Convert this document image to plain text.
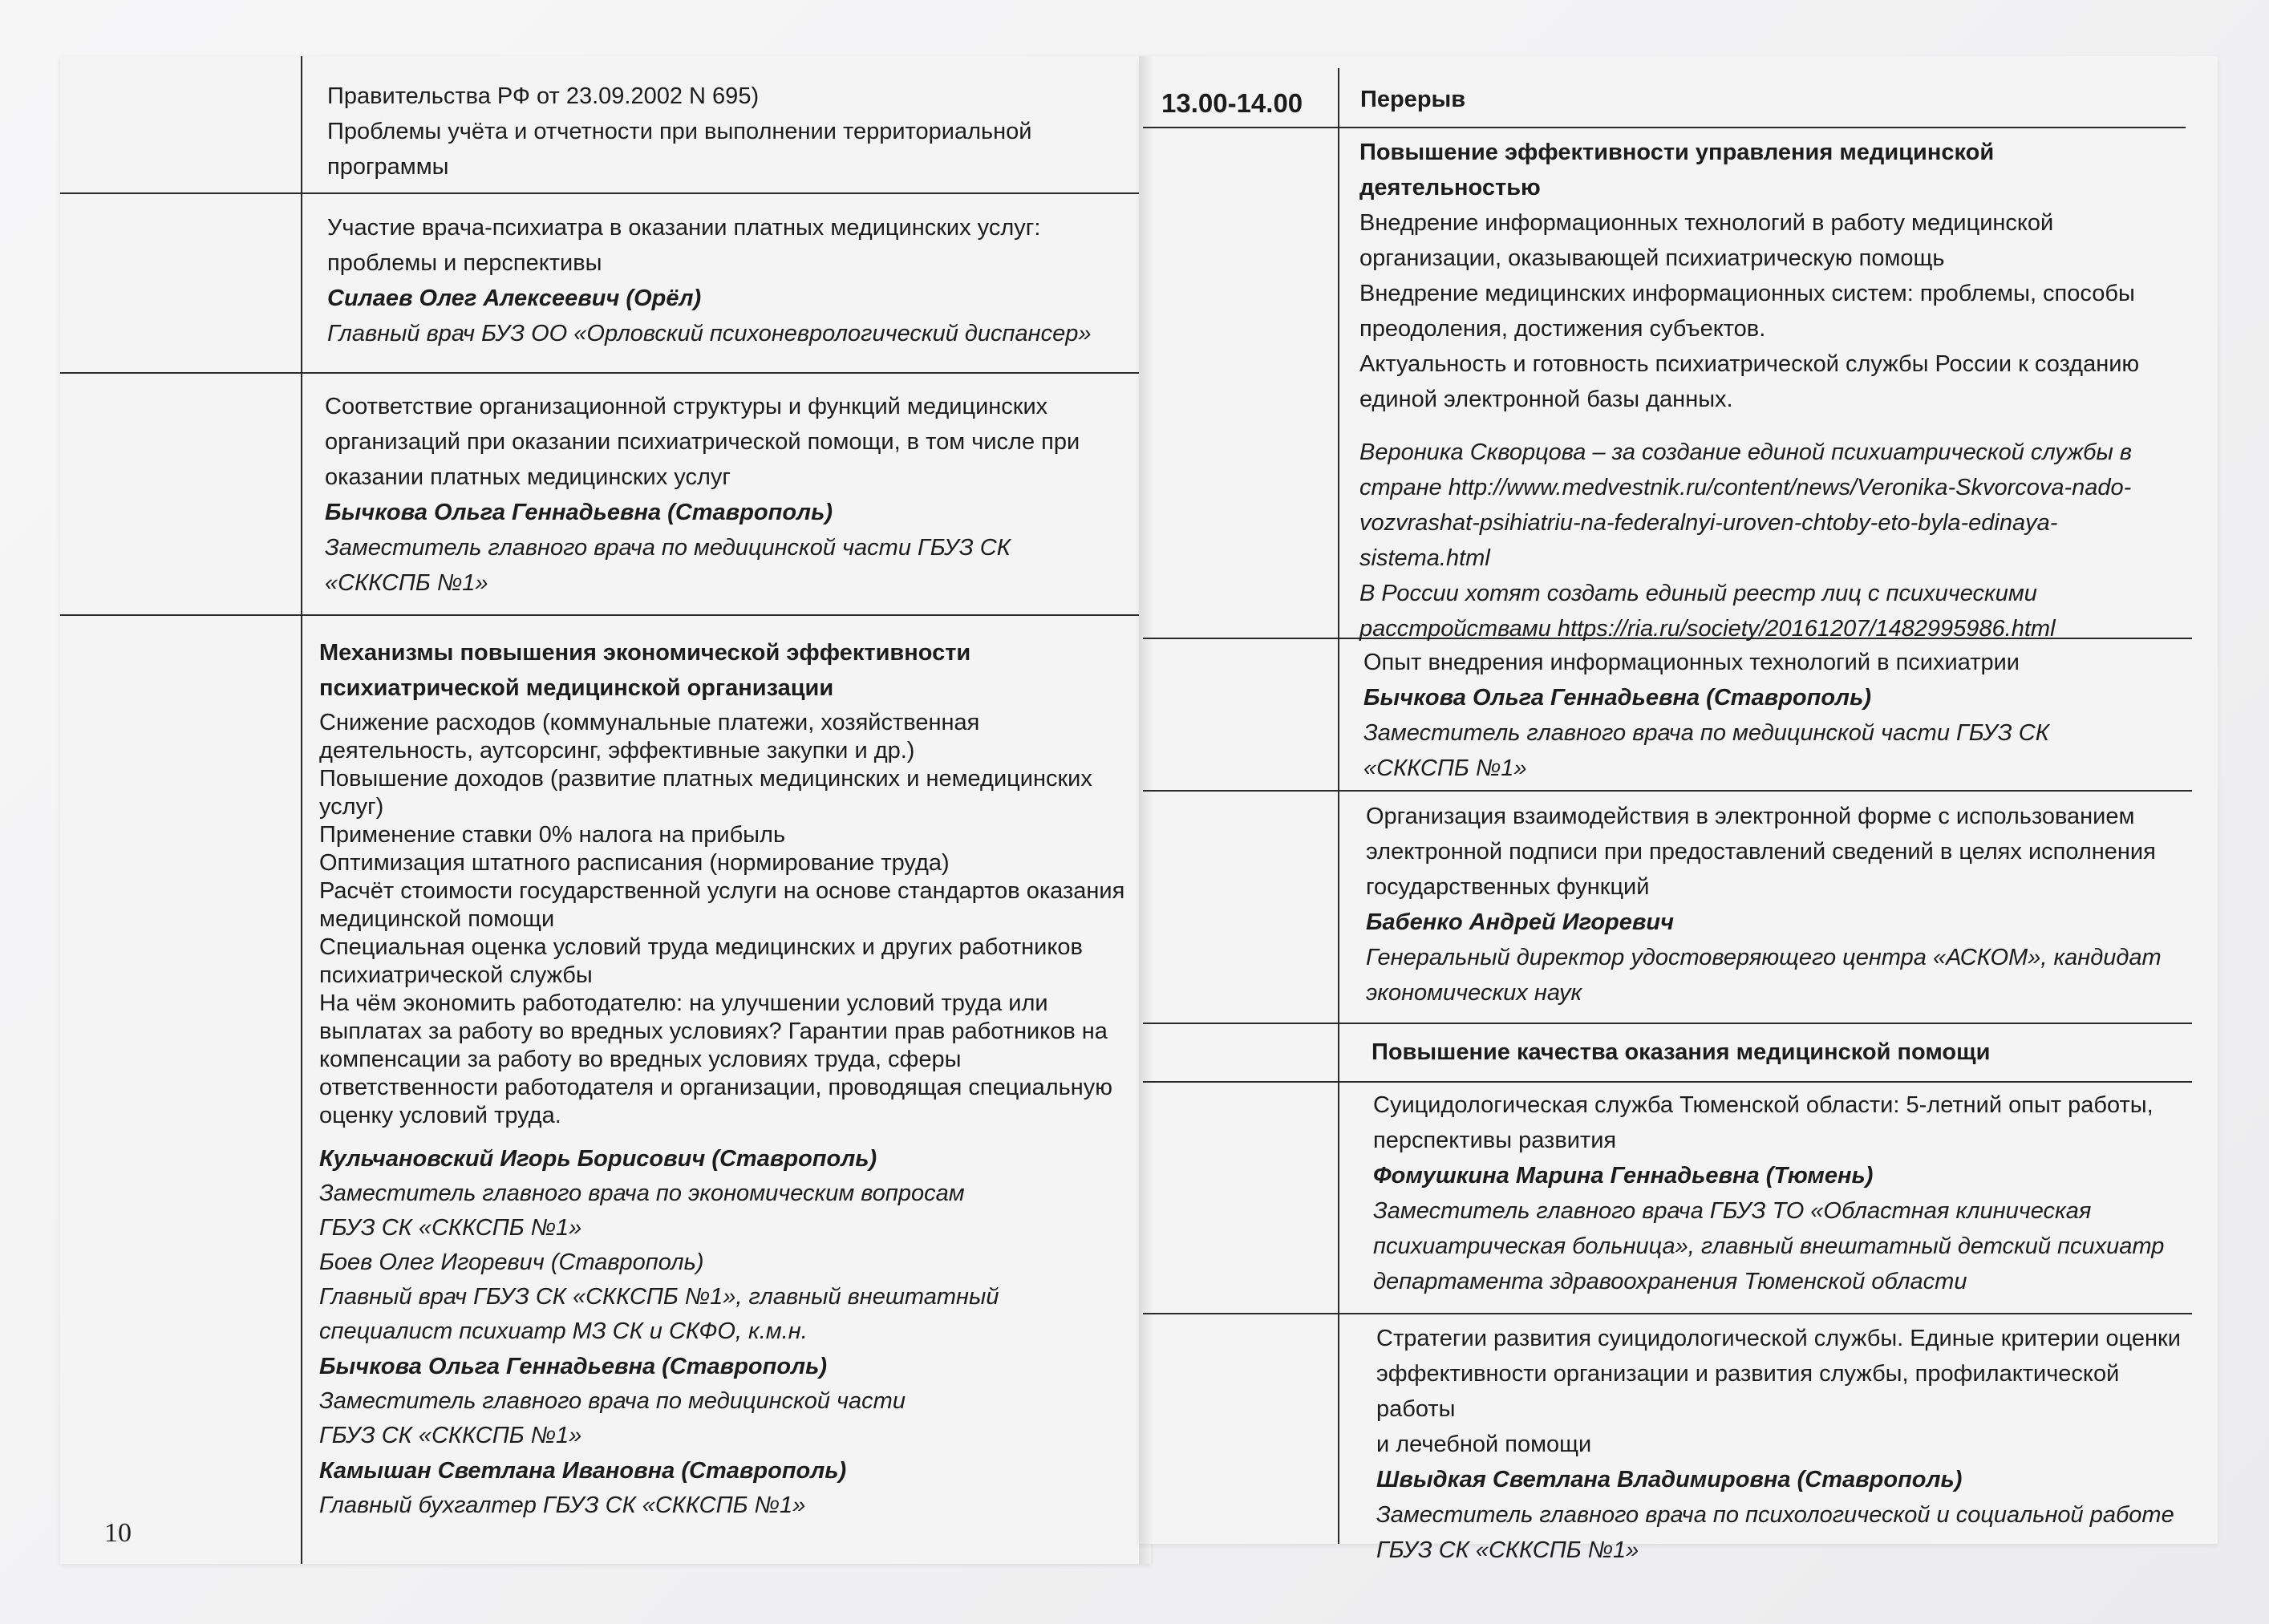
Правительства РФ от 23.09.2002 N 695)

Проблемы учёта и отчетности при выполнении территориальной

программы

Участие врача-психиатра в оказании платных медицинских услуг:

проблемы и перспективы

Силаев Олег Алексеевич (Орёл)

Главный врач БУЗ ОО «Орловский психоневрологический диспансер»

Соответствие организационной структуры и функций медицинских

организаций при оказании психиатрической помощи, в том числе при

оказании платных медицинских услуг

Бычкова Ольга Геннадьевна (Ставрополь)

Заместитель главного врача по медицинской части ГБУЗ СК

«СККСПБ №1»

Механизмы повышения экономической эффективности

психиатрической медицинской организации

Снижение расходов (коммунальные платежи, хозяйственная

деятельность, аутсорсинг, эффективные закупки и др.)

Повышение доходов (развитие платных медицинских и немедицинских

услуг)

Применение ставки 0% налога на прибыль

Оптимизация штатного расписания (нормирование труда)

Расчёт стоимости государственной услуги на основе стандартов оказания

медицинской помощи

Специальная оценка условий труда медицинских и других работников

психиатрической службы

На чём экономить работодателю: на улучшении условий труда или

выплатах за работу во вредных условиях? Гарантии прав работников на

компенсации за работу во вредных условиях труда, сферы

ответственности работодателя и организации, проводящая специальную

оценку условий труда.

Кульчановский Игорь Борисович (Ставрополь)

Заместитель главного врача по экономическим вопросам

ГБУЗ СК «СККСПБ №1»

Боев Олег Игоревич (Ставрополь)

Главный врач ГБУЗ СК «СККСПБ №1», главный внештатный

специалист психиатр МЗ СК и СКФО, к.м.н.

Бычкова Ольга Геннадьевна (Ставрополь)

Заместитель главного врача по медицинской части

ГБУЗ СК «СККСПБ №1»

Камышан Светлана Ивановна (Ставрополь)

Главный бухгалтер ГБУЗ СК «СККСПБ №1»

10
13.00-14.00 Перерыв

Повышение эффективности управления медицинской

деятельностью

Внедрение информационных технологий в работу медицинской

организации, оказывающей психиатрическую помощь

Внедрение медицинских информационных систем: проблемы, способы

преодоления, достижения субъектов.

Актуальность и готовность психиатрической службы России к созданию

единой электронной базы данных.

Вероника Скворцова – за создание единой психиатрической службы в

стране http://www.medvestnik.ru/content/news/Veronika-Skvorcova-nado-

vozvrashat-psihiatriu-na-federalnyi-uroven-chtoby-eto-byla-edinaya-

sistema.html

В России хотят создать единый реестр лиц с психическими

расстройствами https://ria.ru/society/20161207/1482995986.html

Опыт внедрения информационных технологий в психиатрии

Бычкова Ольга Геннадьевна (Ставрополь)

Заместитель главного врача по медицинской части ГБУЗ СК

«СККСПБ №1»

Организация взаимодействия в электронной форме с использованием

электронной подписи при предоставлений сведений в целях исполнения

государственных функций

Бабенко Андрей Игоревич

Генеральный директор удостоверяющего центра «АСКОМ», кандидат

экономических наук

Повышение качества оказания медицинской помощи

Суицидологическая служба Тюменской области: 5-летний опыт работы,

перспективы развития

Фомушкина Марина Геннадьевна (Тюмень)

Заместитель главного врача ГБУЗ ТО «Областная клиническая

психиатрическая больница», главный внештатный детский психиатр

департамента здравоохранения Тюменской области

Стратегии развития суицидологической службы. Единые критерии оценки

эффективности организации и развития службы, профилактической работы

и лечебной помощи

Швыдкая Светлана Владимировна (Ставрополь)

Заместитель главного врача по психологической и социальной работе

ГБУЗ СК «СККСПБ №1»
